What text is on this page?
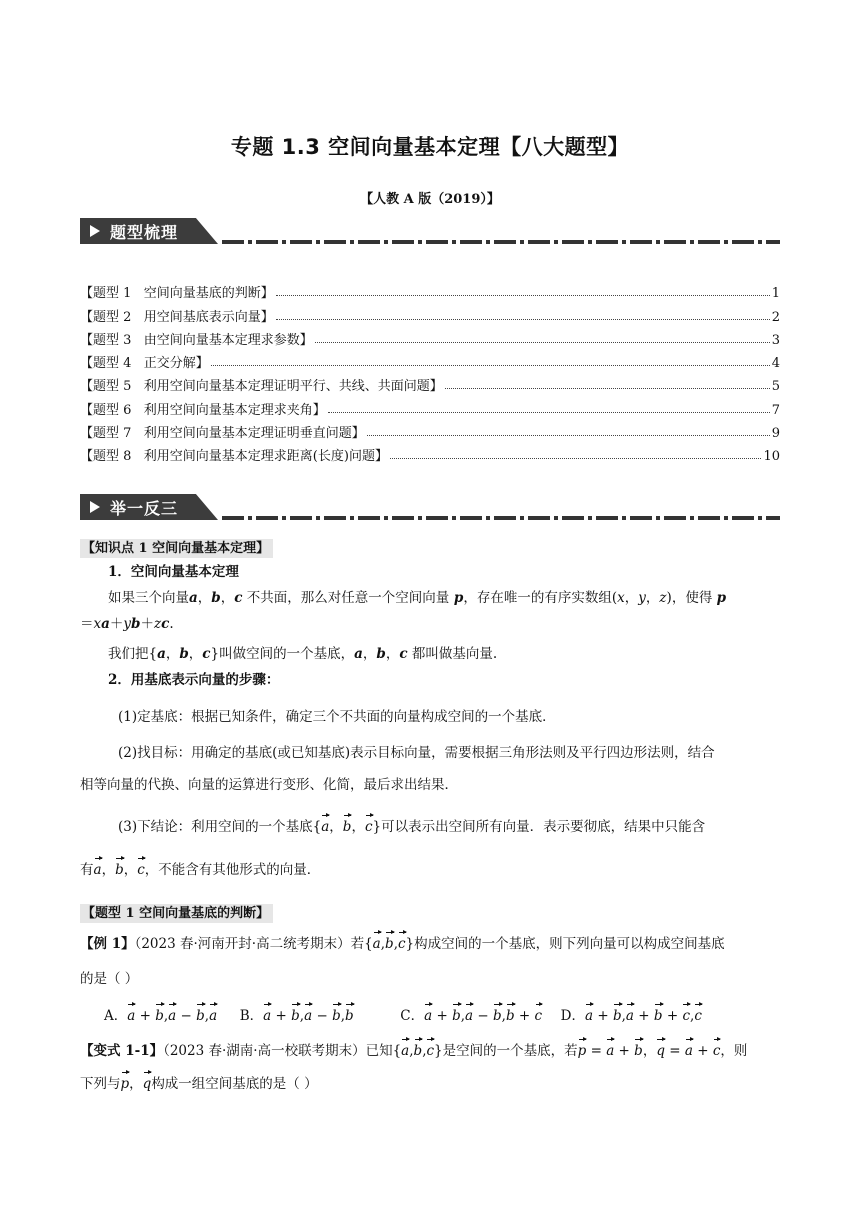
专题 1.3 空间向量基本定理【八大题型】
【人教 A 版（2019）】
题型梳理
【题型 1   空间向量基底的判断】	1
【题型 2   用空间基底表示向量】	2
【题型 3   由空间向量基本定理求参数】	3
【题型 4   正交分解】	4
【题型 5   利用空间向量基本定理证明平行、共线、共面问题】	5
【题型 6   利用空间向量基本定理求夹角】	7
【题型 7   利用空间向量基本定理证明垂直问题】	9
【题型 8   利用空间向量基本定理求距离(长度)问题】	10
举一反三
【知识点 1 空间向量基本定理】
1．空间向量基本定理
如果三个向量a，b，c 不共面，那么对任意一个空间向量 p，存在唯一的有序实数组(x，y，z)，使得 p
＝xa＋yb＋zc.
我们把{a，b，c}叫做空间的一个基底，a，b，c 都叫做基向量.
2．用基底表示向量的步骤：
(1)定基底：根据已知条件，确定三个不共面的向量构成空间的一个基底．
(2)找目标：用确定的基底(或已知基底)表示目标向量，需要根据三角形法则及平行四边形法则，结合
相等向量的代换、向量的运算进行变形、化简，最后求出结果．
(3)下结论：利用空间的一个基底{a，b，c}可以表示出空间所有向量．表示要彻底，结果中只能含
有a，b，c，不能含有其他形式的向量．
【题型 1 空间向量基底的判断】
【例 1】（2023 春·河南开封·高二统考期末）若{a,b,c}构成空间的一个基底，则下列向量可以构成空间基底
的是（ ）
A．a + b,a − b,a B．a + b,a − b,b	C．a + b,a − b,b + c D．a + b,a + b + c,c
【变式 1-1】（2023 春·湖南·高一校联考期末）已知{a,b,c}是空间的一个基底，若p = a + b，q = a + c，则
下列与p，q构成一组空间基底的是（ ）
